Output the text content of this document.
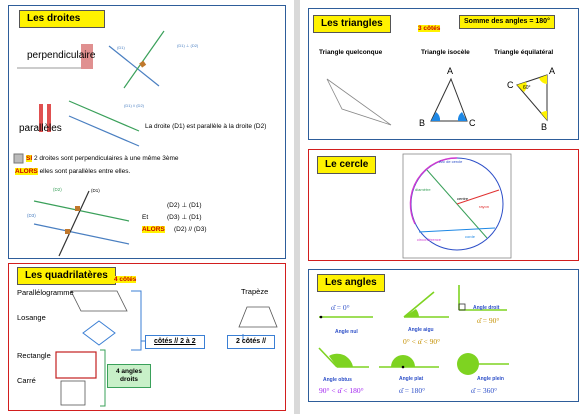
Les droites
perpendiculaire
(D1)	(D1) ⊥ (D2)
parallèles
(D1) // (D2)
La droite (D1) est parallèle à la droite (D2)
SI 2 droites sont perpendiculaires à une même 3ème
ALORS elles sont parallèles entre elles.
(D1)
(D2)
(D3)
(D2) ⊥ (D1)
Et	(D3) ⊥ (D1)
ALORS (D2) // (D3)
Les quadrilatères 4 côtés
Parallélogramme
Losange
Rectangle
Carré
Trapèze
côtés // 2 à 2	2 côtés //
4 angles droits
Les triangles	3 côtés
Somme des angles = 180°
Triangle quelconque	Triangle isocèle	Triangle équilatéral
A
B	C
A
C
B
60°
Le cercle	Arc de cercle
diamètre
centre
rayon
corde
circonférence
Les angles
α̂ = 0°
Angle nul	Angle aigu
0° < α̂ < 90°
Angle droit
α̂ = 90°
Angle obtus
90° < α̂ < 180°
Angle plat
α̂ = 180°
Angle plein
α̂ = 360°
